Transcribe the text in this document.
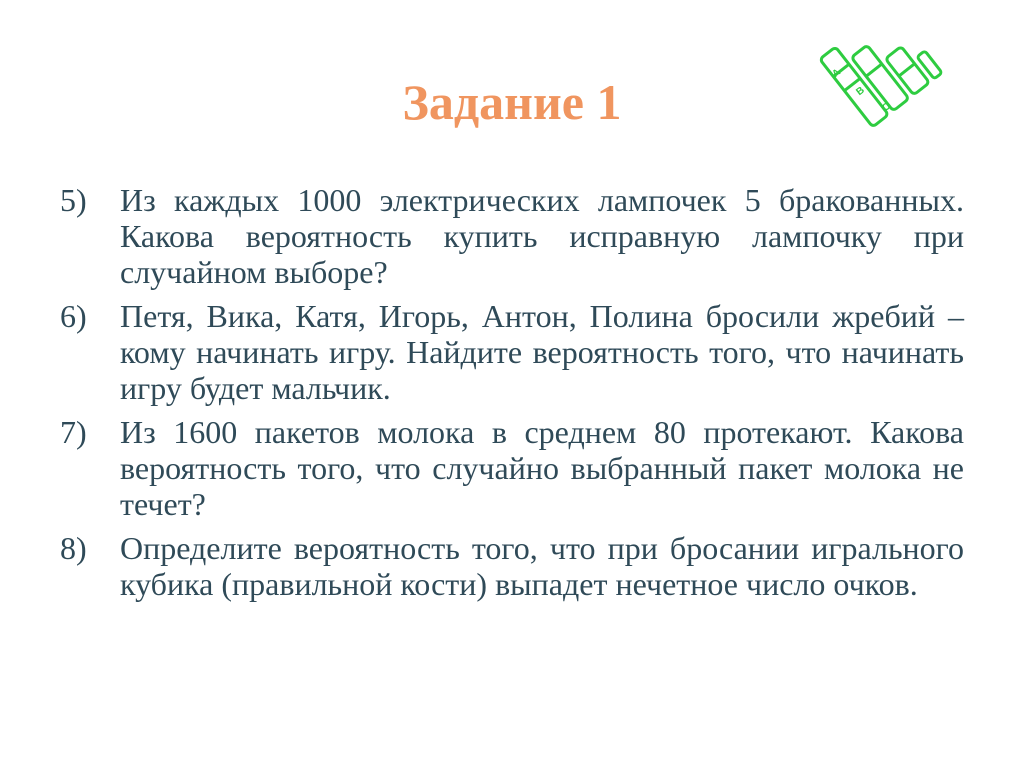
A
B
C
Задание 1
5)	Из каждых 1000 электрических лампочек 5 бракованных. Какова вероятность купить исправную лампочку при случайном выборе?
6)	Петя, Вика, Катя, Игорь, Антон, Полина бросили жребий – кому начинать игру. Найдите вероятность того, что начинать игру будет мальчик.
7)	Из 1600 пакетов молока в среднем 80 протекают. Какова вероятность того, что случайно выбранный пакет молока не течет?
8)	Определите вероятность того, что при бросании игрального кубика (правильной кости) выпадет нечетное число очков.
